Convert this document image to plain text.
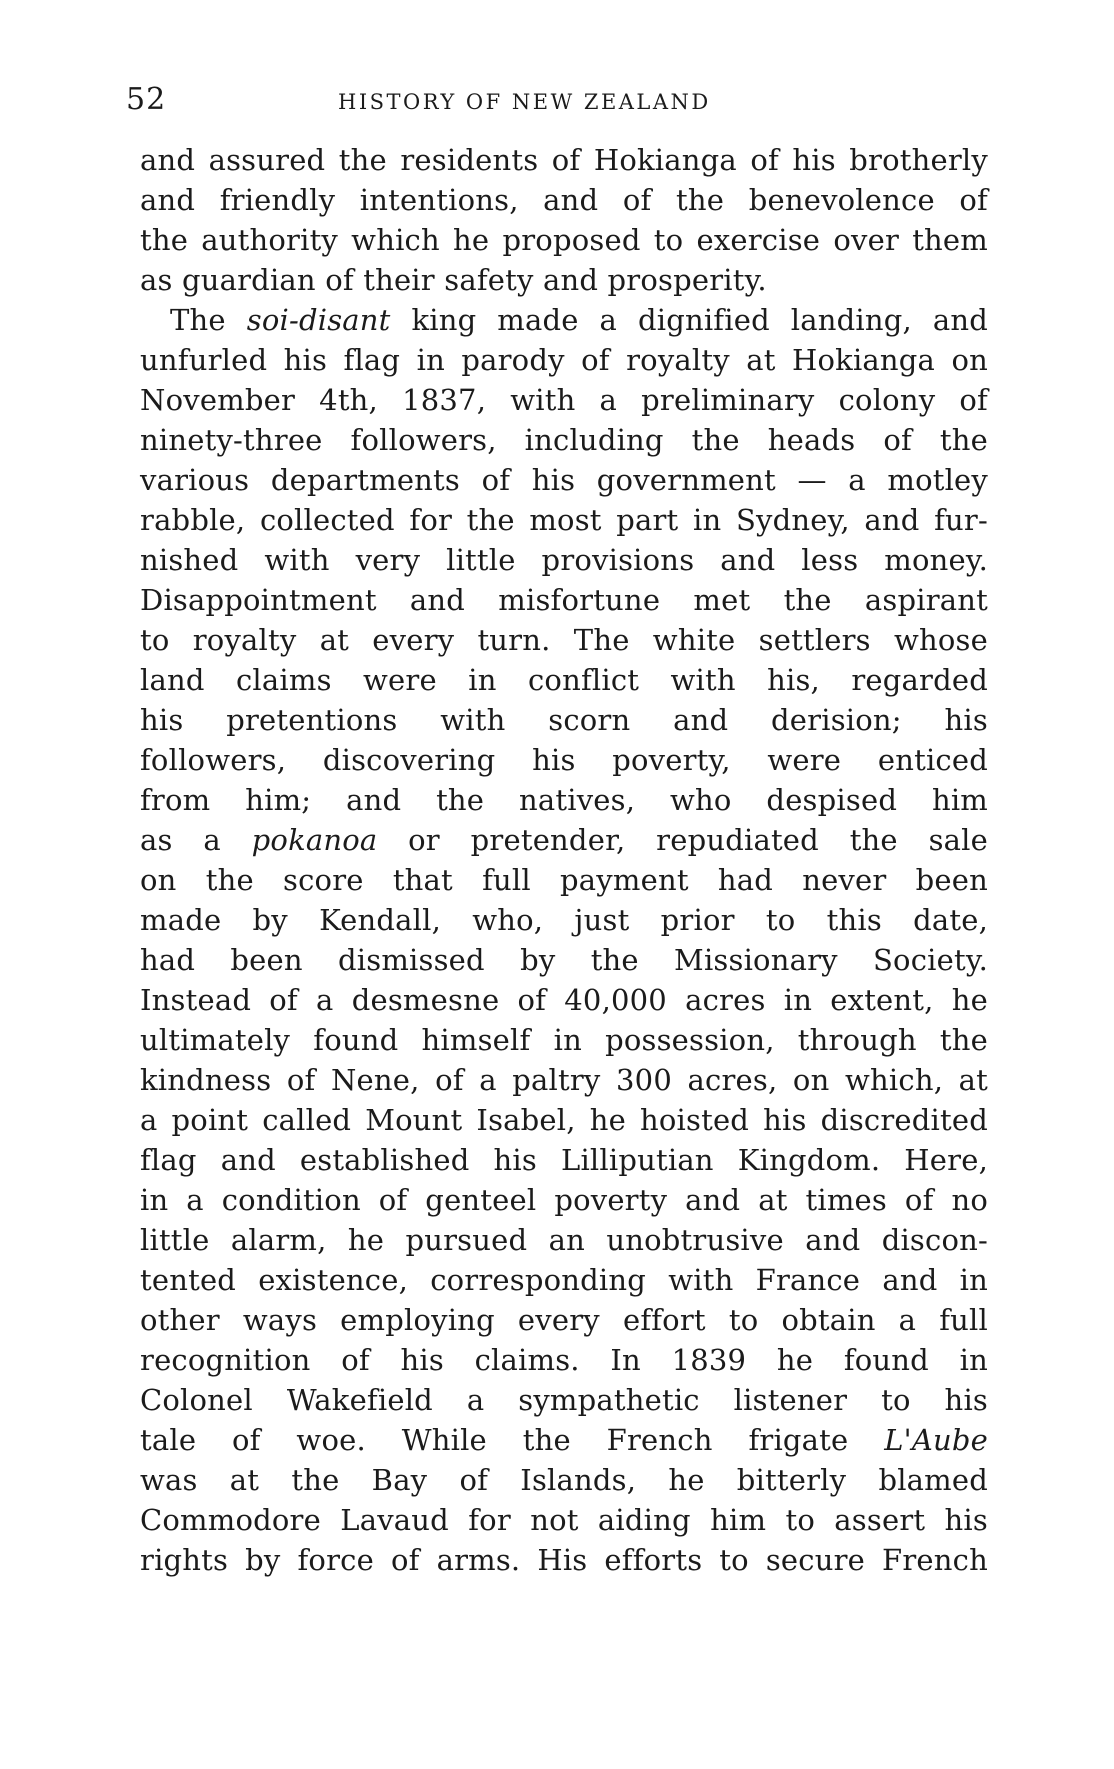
52	HISTORY OF NEW ZEALAND
and assured the residents of Hokianga of his brotherly
and friendly intentions, and of the benevolence of
the authority which he proposed to exercise over them
as guardian of their safety and prosperity.
The soi-disant king made a dignified landing, and
unfurled his flag in parody of royalty at Hokianga on
November 4th, 1837, with a preliminary colony of
ninety-three followers, including the heads of the
various departments of his government — a motley
rabble, collected for the most part in Sydney, and fur-
nished with very little provisions and less money.
Disappointment and misfortune met the aspirant
to royalty at every turn. The white settlers whose
land claims were in conflict with his, regarded
his pretentions with scorn and derision; his
followers, discovering his poverty, were enticed
from him; and the natives, who despised him
as a pokanoa or pretender, repudiated the sale
on the score that full payment had never been
made by Kendall, who, just prior to this date,
had been dismissed by the Missionary Society.
Instead of a desmesne of 40,000 acres in extent, he
ultimately found himself in possession, through the
kindness of Nene, of a paltry 300 acres, on which, at
a point called Mount Isabel, he hoisted his discredited
flag and established his Lilliputian Kingdom. Here,
in a condition of genteel poverty and at times of no
little alarm, he pursued an unobtrusive and discon-
tented existence, corresponding with France and in
other ways employing every effort to obtain a full
recognition of his claims. In 1839 he found in
Colonel Wakefield a sympathetic listener to his
tale of woe. While the French frigate L'Aube
was at the Bay of Islands, he bitterly blamed
Commodore Lavaud for not aiding him to assert his
rights by force of arms. His efforts to secure French
